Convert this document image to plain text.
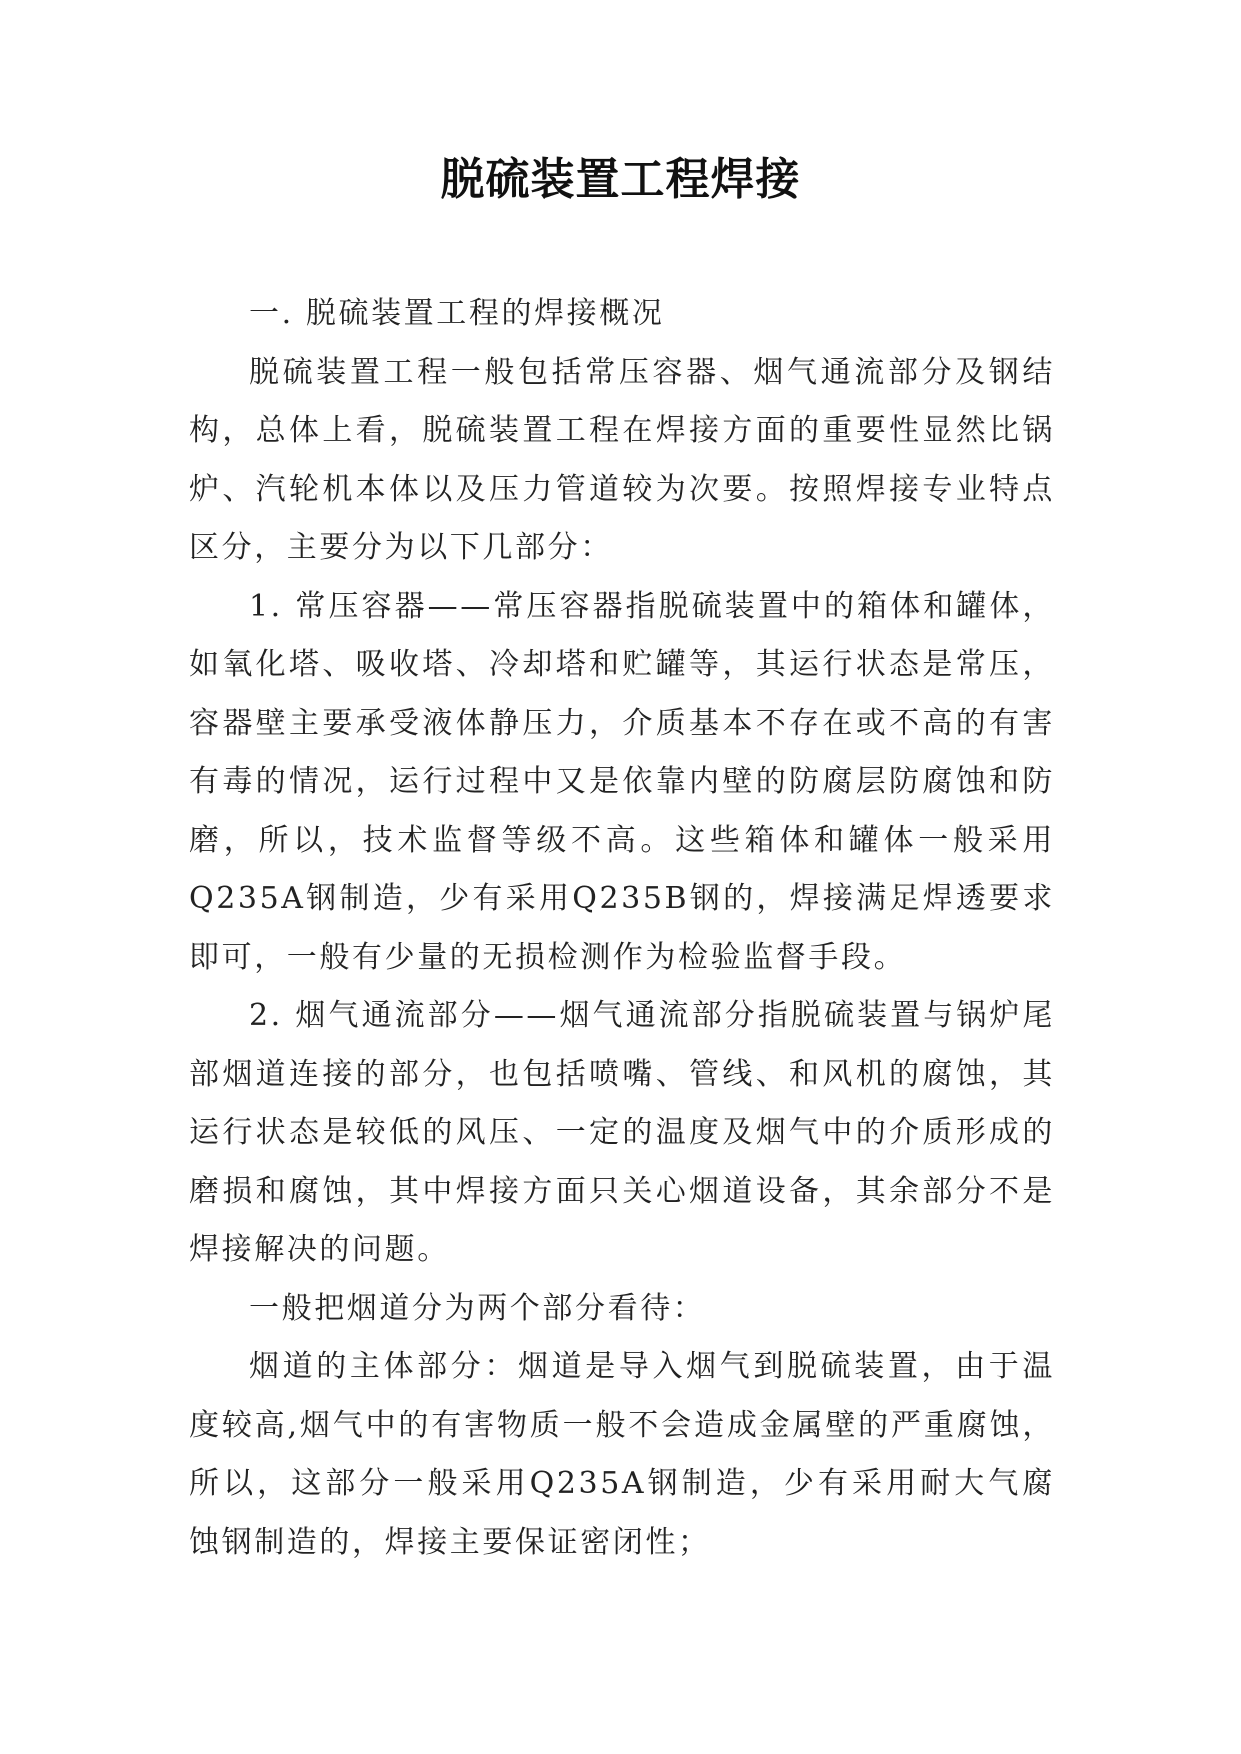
脱硫装置工程焊接

一. 脱硫装置工程的焊接概况

脱硫装置工程一般包括常压容器、烟气通流部分及钢结构，总体上看，脱硫装置工程在焊接方面的重要性显然比锅炉、汽轮机本体以及压力管道较为次要。按照焊接专业特点区分，主要分为以下几部分：

1. 常压容器——常压容器指脱硫装置中的箱体和罐体，如氧化塔、吸收塔、冷却塔和贮罐等，其运行状态是常压，容器壁主要承受液体静压力，介质基本不存在或不高的有害有毒的情况，运行过程中又是依靠内壁的防腐层防腐蚀和防磨，所以，技术监督等级不高。这些箱体和罐体一般采用Q235A钢制造，少有采用Q235B钢的，焊接满足焊透要求即可，一般有少量的无损检测作为检验监督手段。

2. 烟气通流部分——烟气通流部分指脱硫装置与锅炉尾部烟道连接的部分，也包括喷嘴、管线、和风机的腐蚀，其运行状态是较低的风压、一定的温度及烟气中的介质形成的磨损和腐蚀，其中焊接方面只关心烟道设备，其余部分不是焊接解决的问题。

一般把烟道分为两个部分看待：

烟道的主体部分：烟道是导入烟气到脱硫装置，由于温度较高,烟气中的有害物质一般不会造成金属壁的严重腐蚀，所以，这部分一般采用Q235A钢制造，少有采用耐大气腐蚀钢制造的，焊接主要保证密闭性；
